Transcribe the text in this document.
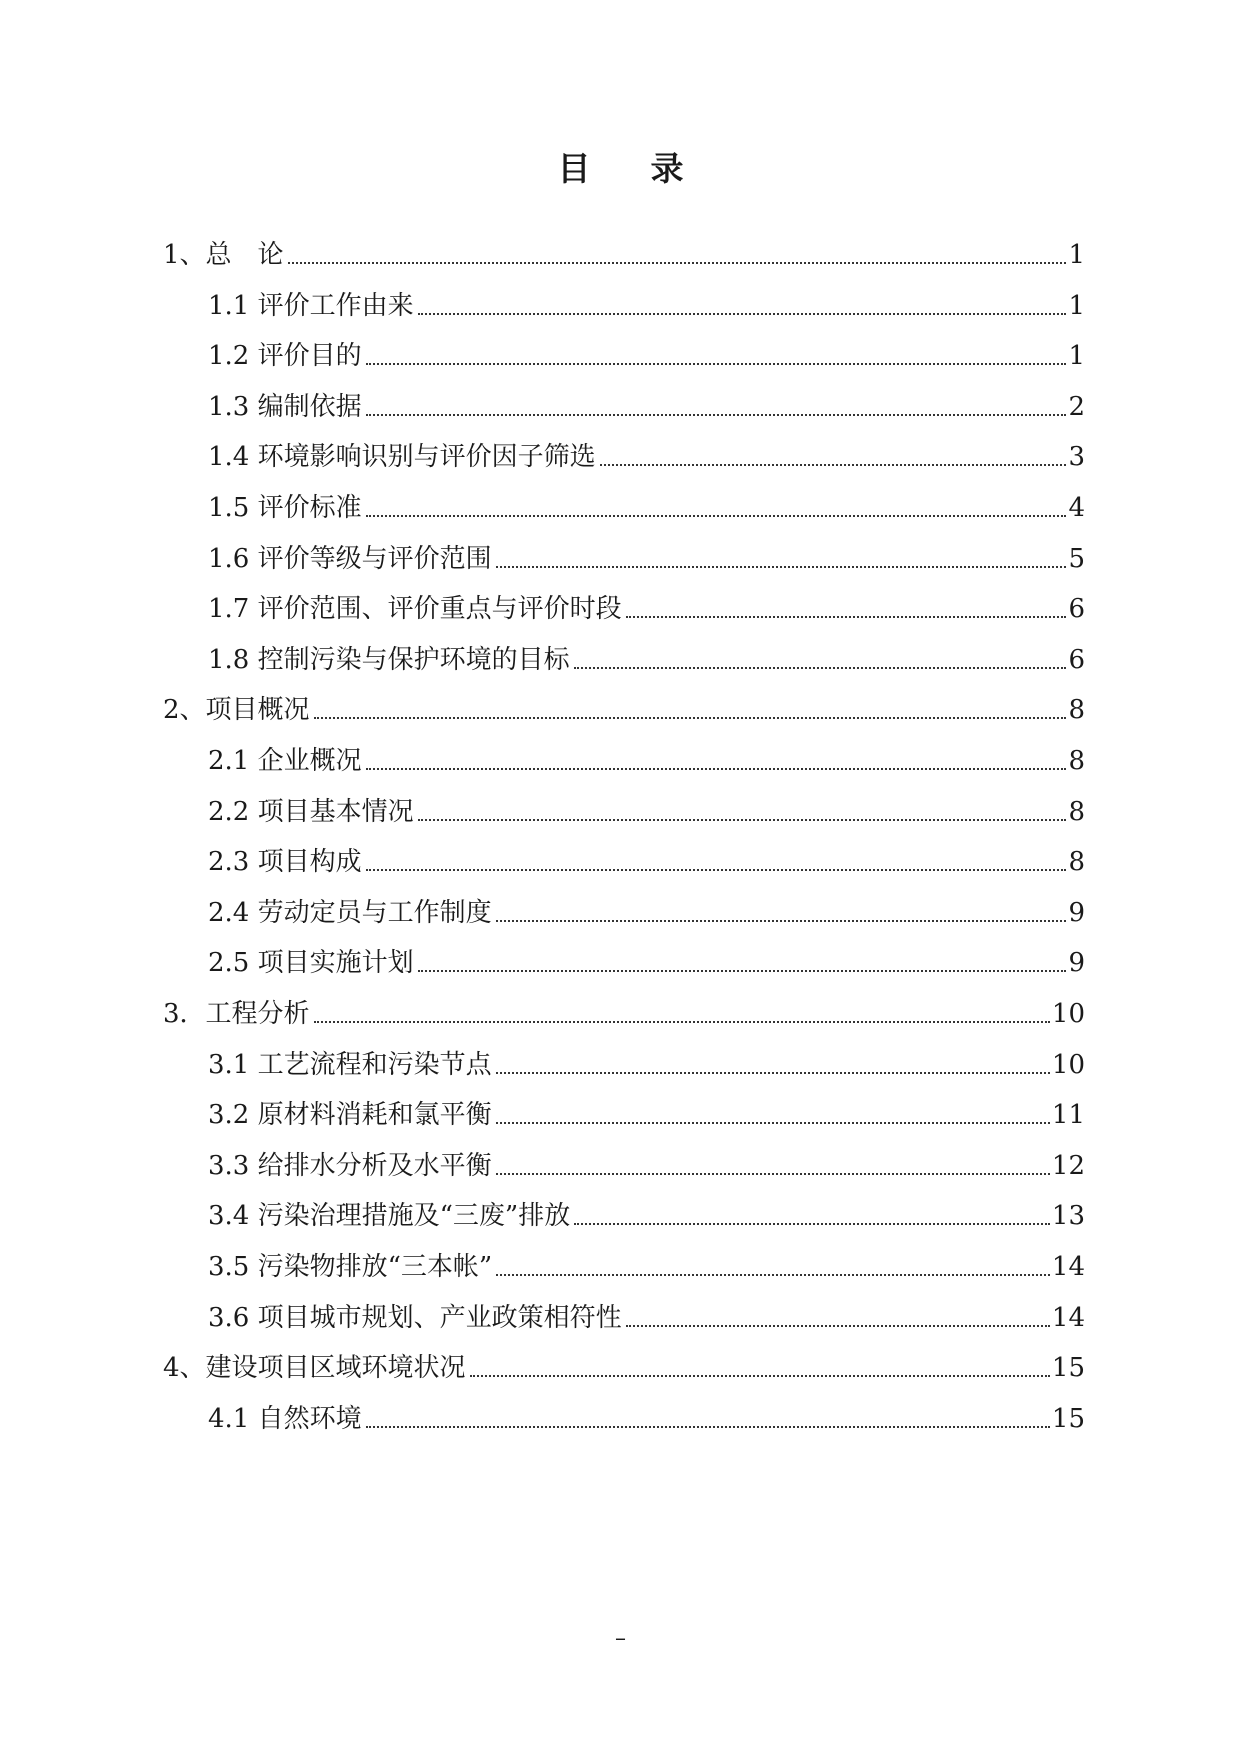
目 录
1、总　论	1
1.1 评价工作由来	1
1.2 评价目的	1
1.3 编制依据	2
1.4 环境影响识别与评价因子筛选	3
1.5 评价标准	4
1.6 评价等级与评价范围	5
1.7 评价范围、评价重点与评价时段	6
1.8 控制污染与保护环境的目标	6
2、项目概况	8
2.1 企业概况	8
2.2 项目基本情况	8
2.3 项目构成	8
2.4 劳动定员与工作制度	9
2.5 项目实施计划	9
3．工程分析	10
3.1 工艺流程和污染节点	10
3.2 原材料消耗和氯平衡	11
3.3 给排水分析及水平衡	12
3.4 污染治理措施及“三废”排放	13
3.5 污染物排放“三本帐”	14
3.6 项目城市规划、产业政策相符性	14
4、建设项目区域环境状况	15
4.1 自然环境	15
–
